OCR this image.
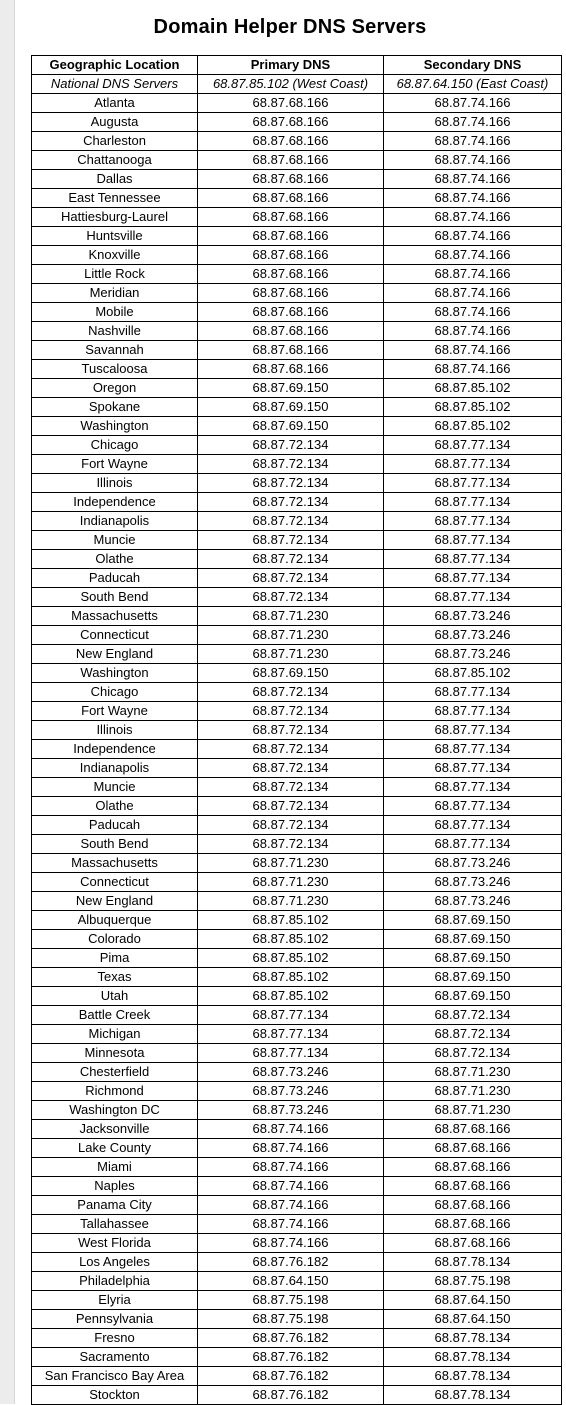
Domain Helper DNS Servers
Geographic Location	Primary DNS	Secondary DNS
National DNS Servers	68.87.85.102 (West Coast)	68.87.64.150 (East Coast)
Atlanta	68.87.68.166	68.87.74.166
Augusta	68.87.68.166	68.87.74.166
Charleston	68.87.68.166	68.87.74.166
Chattanooga	68.87.68.166	68.87.74.166
Dallas	68.87.68.166	68.87.74.166
East Tennessee	68.87.68.166	68.87.74.166
Hattiesburg-Laurel	68.87.68.166	68.87.74.166
Huntsville	68.87.68.166	68.87.74.166
Knoxville	68.87.68.166	68.87.74.166
Little Rock	68.87.68.166	68.87.74.166
Meridian	68.87.68.166	68.87.74.166
Mobile	68.87.68.166	68.87.74.166
Nashville	68.87.68.166	68.87.74.166
Savannah	68.87.68.166	68.87.74.166
Tuscaloosa	68.87.68.166	68.87.74.166
Oregon	68.87.69.150	68.87.85.102
Spokane	68.87.69.150	68.87.85.102
Washington	68.87.69.150	68.87.85.102
Chicago	68.87.72.134	68.87.77.134
Fort Wayne	68.87.72.134	68.87.77.134
Illinois	68.87.72.134	68.87.77.134
Independence	68.87.72.134	68.87.77.134
Indianapolis	68.87.72.134	68.87.77.134
Muncie	68.87.72.134	68.87.77.134
Olathe	68.87.72.134	68.87.77.134
Paducah	68.87.72.134	68.87.77.134
South Bend	68.87.72.134	68.87.77.134
Massachusetts	68.87.71.230	68.87.73.246
Connecticut	68.87.71.230	68.87.73.246
New England	68.87.71.230	68.87.73.246
Washington	68.87.69.150	68.87.85.102
Chicago	68.87.72.134	68.87.77.134
Fort Wayne	68.87.72.134	68.87.77.134
Illinois	68.87.72.134	68.87.77.134
Independence	68.87.72.134	68.87.77.134
Indianapolis	68.87.72.134	68.87.77.134
Muncie	68.87.72.134	68.87.77.134
Olathe	68.87.72.134	68.87.77.134
Paducah	68.87.72.134	68.87.77.134
South Bend	68.87.72.134	68.87.77.134
Massachusetts	68.87.71.230	68.87.73.246
Connecticut	68.87.71.230	68.87.73.246
New England	68.87.71.230	68.87.73.246
Albuquerque	68.87.85.102	68.87.69.150
Colorado	68.87.85.102	68.87.69.150
Pima	68.87.85.102	68.87.69.150
Texas	68.87.85.102	68.87.69.150
Utah	68.87.85.102	68.87.69.150
Battle Creek	68.87.77.134	68.87.72.134
Michigan	68.87.77.134	68.87.72.134
Minnesota	68.87.77.134	68.87.72.134
Chesterfield	68.87.73.246	68.87.71.230
Richmond	68.87.73.246	68.87.71.230
Washington DC	68.87.73.246	68.87.71.230
Jacksonville	68.87.74.166	68.87.68.166
Lake County	68.87.74.166	68.87.68.166
Miami	68.87.74.166	68.87.68.166
Naples	68.87.74.166	68.87.68.166
Panama City	68.87.74.166	68.87.68.166
Tallahassee	68.87.74.166	68.87.68.166
West Florida	68.87.74.166	68.87.68.166
Los Angeles	68.87.76.182	68.87.78.134
Philadelphia	68.87.64.150	68.87.75.198
Elyria	68.87.75.198	68.87.64.150
Pennsylvania	68.87.75.198	68.87.64.150
Fresno	68.87.76.182	68.87.78.134
Sacramento	68.87.76.182	68.87.78.134
San Francisco Bay Area	68.87.76.182	68.87.78.134
Stockton	68.87.76.182	68.87.78.134
